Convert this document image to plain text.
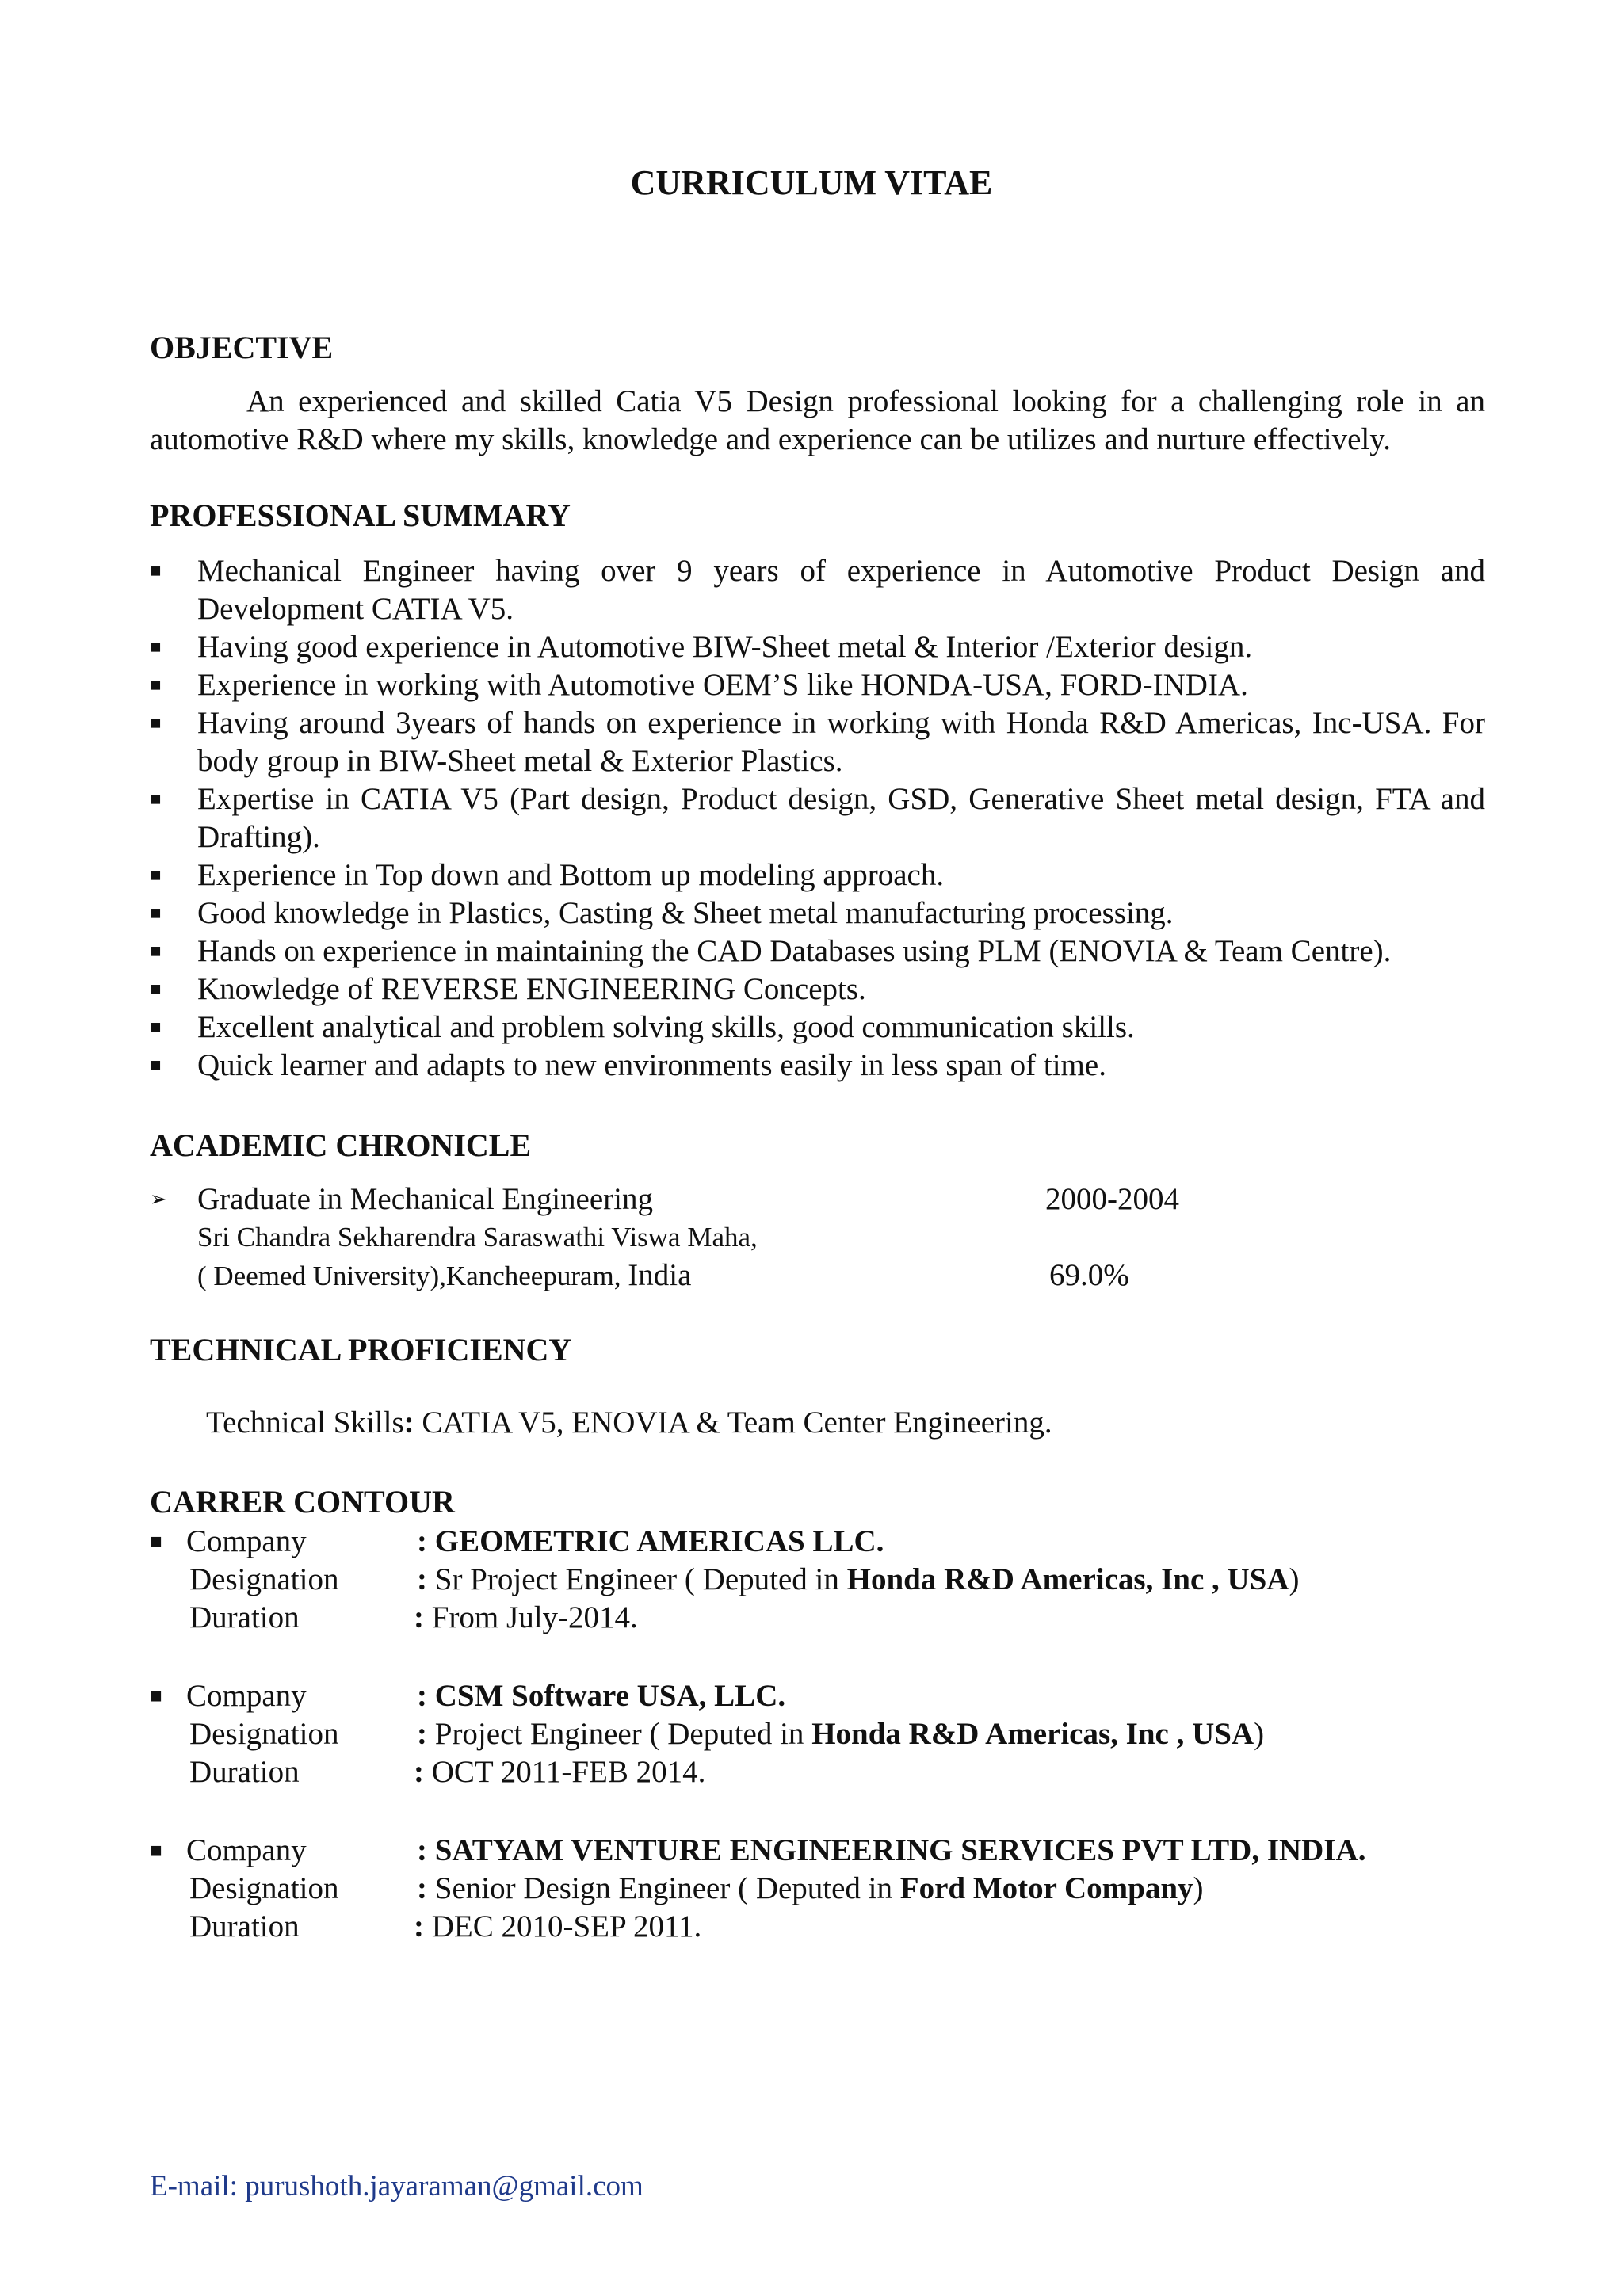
CURRICULUM VITAE
OBJECTIVE

An experienced and skilled Catia V5 Design professional looking for a challenging role in an automotive R&D where my skills, knowledge and experience can be utilizes and nurture effectively.

PROFESSIONAL SUMMARY
■	Mechanical Engineer having over 9 years of experience in Automotive Product Design and Development CATIA V5.
■	Having good experience in Automotive BIW-Sheet metal & Interior /Exterior design.
■	Experience in working with Automotive OEM’S like HONDA-USA, FORD-INDIA.
■	Having around 3years of hands on experience in working with Honda R&D Americas, Inc-USA. For body group in BIW-Sheet metal & Exterior Plastics.
■	Expertise in CATIA V5 (Part design, Product design, GSD, Generative Sheet metal design, FTA and Drafting).
■	Experience in Top down and Bottom up modeling approach.
■	Good knowledge in Plastics, Casting & Sheet metal manufacturing processing.
■	Hands on experience in maintaining the CAD Databases using PLM (ENOVIA & Team Centre).
■	Knowledge of REVERSE ENGINEERING Concepts.
■	Excellent analytical and problem solving skills, good communication skills.
■	Quick learner and adapts to new environments easily in less span of time.
ACADEMIC CHRONICLE
➢ Graduate in Mechanical Engineering	2000-2004
Sri Chandra Sekharendra Saraswathi Viswa Maha,
( Deemed University),Kancheepuram, India	69.0%
TECHNICAL PROFICIENCY

Technical Skills: CATIA V5, ENOVIA & Team Center Engineering.

CARRER CONTOUR
■ Company	: GEOMETRIC AMERICAS LLC.
Designation	: Sr Project Engineer ( Deputed in Honda R&D Americas, Inc , USA)
Duration	: From July-2014.
■ Company	: CSM Software USA, LLC.
Designation	: Project Engineer ( Deputed in Honda R&D Americas, Inc , USA)
Duration	: OCT 2011-FEB 2014.
■ Company	: SATYAM VENTURE ENGINEERING SERVICES PVT LTD, INDIA.
Designation	: Senior Design Engineer ( Deputed in Ford Motor Company)
Duration	: DEC 2010-SEP 2011.

E-mail: purushoth.jayaraman@gmail.com
